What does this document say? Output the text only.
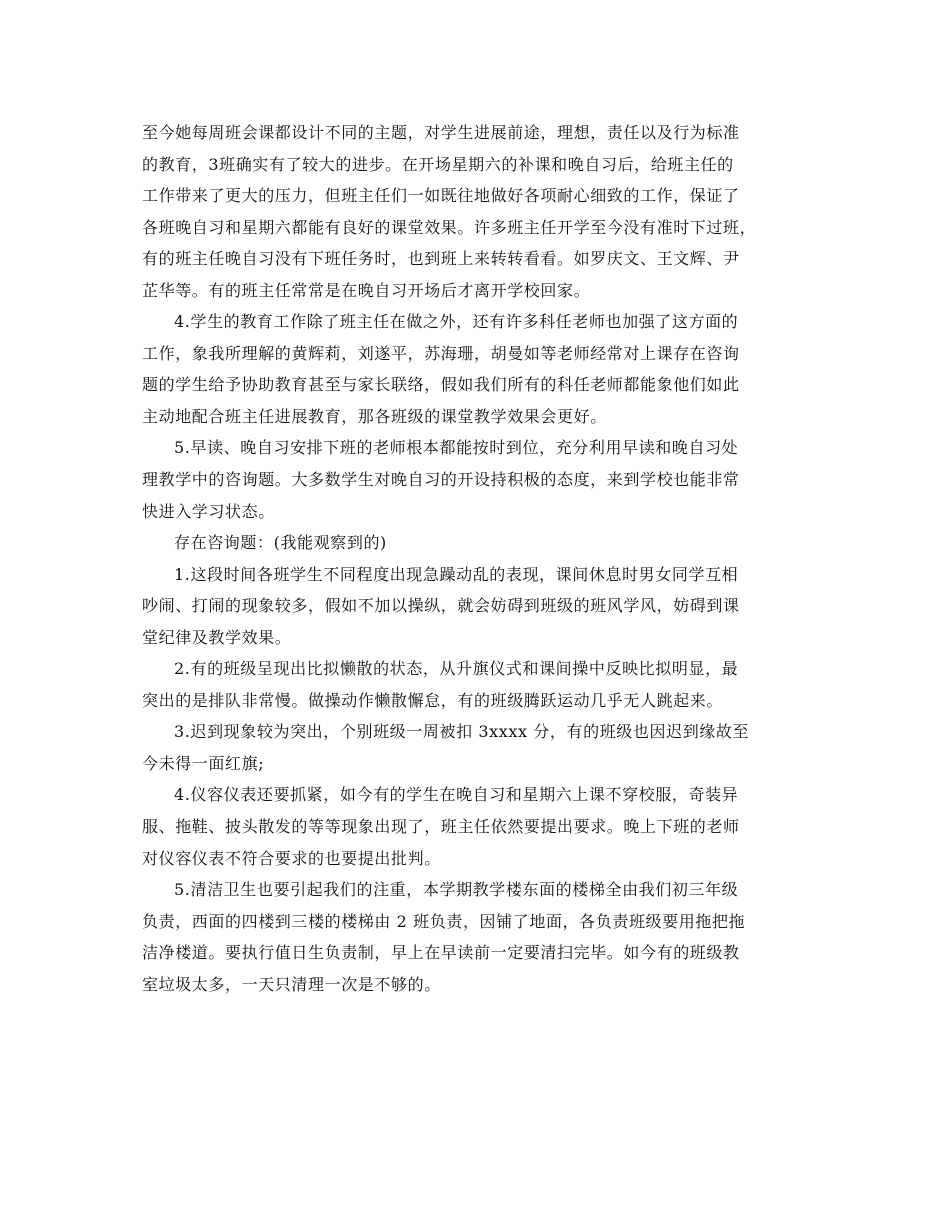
至今她每周班会课都设计不同的主题，对学生进展前途，理想，责任以及行为标准
的教育，3班确实有了较大的进步。在开场星期六的补课和晚自习后，给班主任的
工作带来了更大的压力，但班主任们一如既往地做好各项耐心细致的工作，保证了
各班晚自习和星期六都能有良好的课堂效果。许多班主任开学至今没有准时下过班，
有的班主任晚自习没有下班任务时，也到班上来转转看看。如罗庆文、王文辉、尹
芷华等。有的班主任常常是在晚自习开场后才离开学校回家。
4.学生的教育工作除了班主任在做之外，还有许多科任老师也加强了这方面的
工作，象我所理解的黄辉莉，刘遂平，苏海珊，胡曼如等老师经常对上课存在咨询
题的学生给予协助教育甚至与家长联络，假如我们所有的科任老师都能象他们如此
主动地配合班主任进展教育，那各班级的课堂教学效果会更好。
5.早读、晚自习安排下班的老师根本都能按时到位，充分利用早读和晚自习处
理教学中的咨询题。大多数学生对晚自习的开设持积极的态度，来到学校也能非常
快进入学习状态。
存在咨询题：(我能观察到的)
1.这段时间各班学生不同程度出现急躁动乱的表现，课间休息时男女同学互相
吵闹、打闹的现象较多，假如不加以操纵，就会妨碍到班级的班风学风，妨碍到课
堂纪律及教学效果。
2.有的班级呈现出比拟懒散的状态，从升旗仪式和课间操中反映比拟明显，最
突出的是排队非常慢。做操动作懒散懈怠，有的班级腾跃运动几乎无人跳起来。
3.迟到现象较为突出，个别班级一周被扣 3xxxx 分，有的班级也因迟到缘故至
今未得一面红旗;
4.仪容仪表还要抓紧，如今有的学生在晚自习和星期六上课不穿校服，奇装异
服、拖鞋、披头散发的等等现象出现了，班主任依然要提出要求。晚上下班的老师
对仪容仪表不符合要求的也要提出批判。
5.清洁卫生也要引起我们的注重，本学期教学楼东面的楼梯全由我们初三年级
负责，西面的四楼到三楼的楼梯由 2 班负责，因铺了地面，各负责班级要用拖把拖
洁净楼道。要执行值日生负责制，早上在早读前一定要清扫完毕。如今有的班级教
室垃圾太多，一天只清理一次是不够的。
